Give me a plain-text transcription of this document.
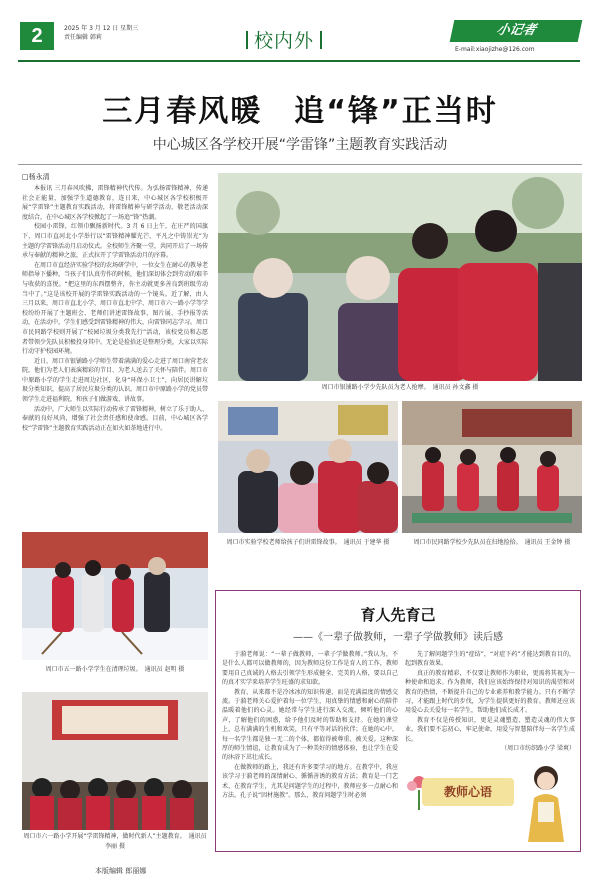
2	2025 年 3 月 12 日 星期三
责任编辑 韩莉	校内外	小记者
E-mail:xiaojizhe@126.com
三月春风暖　追“锋”正当时
中心城区各学校开展“学雷锋”主题教育实践活动
□杨永清

本报讯 三月春风吹拂，雷锋精神代代传。为弘扬雷锋精神，传递社会正能量，加强学生道德教育，连日来，中心城区各学校积极开展“学雷锋”主题教育实践活动，将雷锋精神与研学活动、敬老活动深度结合，在中心城区各学校掀起了一场追“锋”热潮。

校园小雷锋，红领巾飘扬新时代。3 月 6 日上午，在庄严的国旗下，周口市直河北小学举行以“雷锋精神耀光芒，平凡之中铸崇光”为主题的学雷锋活动月启动仪式。全校师生齐聚一堂，共同开启了一场传承与奉献的精神之旅，正式拉开了学雷锋活动月的序幕。

在周口市直经济实验学校的农场研学中，一位女生在耐心的教导老师指导下播种，当孩子们认真劳作的时候，他们深切体会到劳动的艰辛与收获的喜悦。“把这里的东西摆整齐，你主动就更多善良到班级劳动当中了。”这是该校开展的学雷锋实践活动的一个镜头。近了解，由人三月以来，周口市直北小学、周口市直北中学、周口市六一路小学等学校纷纷开展了主题班会、老师们讲述雷锋故事、图片展、手抄报等活动，在活动中，学生们感受到雷锋精神的伟大，向雷锋同志学习。周口市民同路学校则开展了“校园垃圾分类我先行”活动，该校党员和志愿者带领少先队员积极投身其中。无论是捡拾还是整理分类，大家以实际行动守护校园环境。

近日，周口市银铺路小学师生带着满满的爱心走进了周口南营老农院，他们为老人们表演精彩的节目、为老人送去了关怀与陪伴。周口市中原路小学的学生走进周边社区，化身“环保小卫士”，向居民讲解垃圾分类知识，提高了居民垃圾分类的认识。周口市中原路小学的党员带领学生走进福利院，和孩子们做游戏、讲故事。

活动中，广大师生以实际行动传承了雷锋精神，树立了乐于助人、奉献的良好风尚，增强了社会责任感和使命感。目前，中心城区各学校“学雷锋”主题教育实践活动正在如火如荼地进行中。

周口市银铺路小学少先队员为老人抢摩。　通讯员 孙文鑫 摄
周口市实验学校老师给孩子们讲雷锋故事。　通讯员 于建华 摄	周口市民同路学校少先队员在扫地捡拾。　通讯员 王金钟 摄
周口市五一路小学学生在清理垃圾。　通讯员 赵明 摄
周口市六一路小学开展“学雷锋精神，做时代新人”主题教育。　通讯员 李丽 摄
育人先育己
——《一辈子做教师，一辈子学做教师》读后感

于漪老师说：“一辈子做教师，一辈子学做教师。”我认为，不是什么人都可以做教师的，因为教师这份工作是育人的工作，教师要用自己真诚的人格去引领学生形成健全、完美的人格，要以自己的真才实学来培养学生旺盛的求知欲。

教育，从来都不是冷冰冰的知识传递，而是充满温度的情感交流。于漪老师关心爱护着每一位学生，用真挚的情感和耐心的陪伴温暖着他们的心灵。她经常与学生进行深入交流，倾听他们的心声，了解他们的困惑，给予他们及时的帮助和支持。在她的课堂上，总有满满的生机和欢笑，只有平等对话的伙伴；在她的心中，每一名学生都是独一无二的个体，都值得被尊重、被关爱。这种深厚的师生情谊，让教育成为了一种美好的情感体验，也让学生在爱的沐浴下茁壮成长。

在做教师的路上，我还有许多要学习的地方。在教学中，我应该学习于漪老师的深情耐心、循循善诱的教育方法；教育是一门艺术，在教育学生，尤其是问题学生的过程中，教师应多一点耐心和方法。孔子说“因材施教”。那么，教育问题学生时必须

先了解问题学生的“症结”，“对症下药”才能达到教育目的，起到教育效果。

真正的教育精彩，不仅要让教师作为职业，更需将其视为一种使命和追求。作为教师，我们应该始终保持对知识的渴望和对教育的热情，不断提升自己的专业素养和教学能力。只有不断学习，才能跟上时代的步伐，为学生提供更好的教育。教师还应该用爱心去关爱每一名学生，帮助他们成长成才。

教育不仅是传授知识，更是灵魂塑造、塑造灵魂的伟大事业。我们要不忘初心，牢记使命，用爱与智慧陪伴每一名学生成长。

（周口市纺织路小学 梁爽）

教师心语
本版编辑 郎丽娜
